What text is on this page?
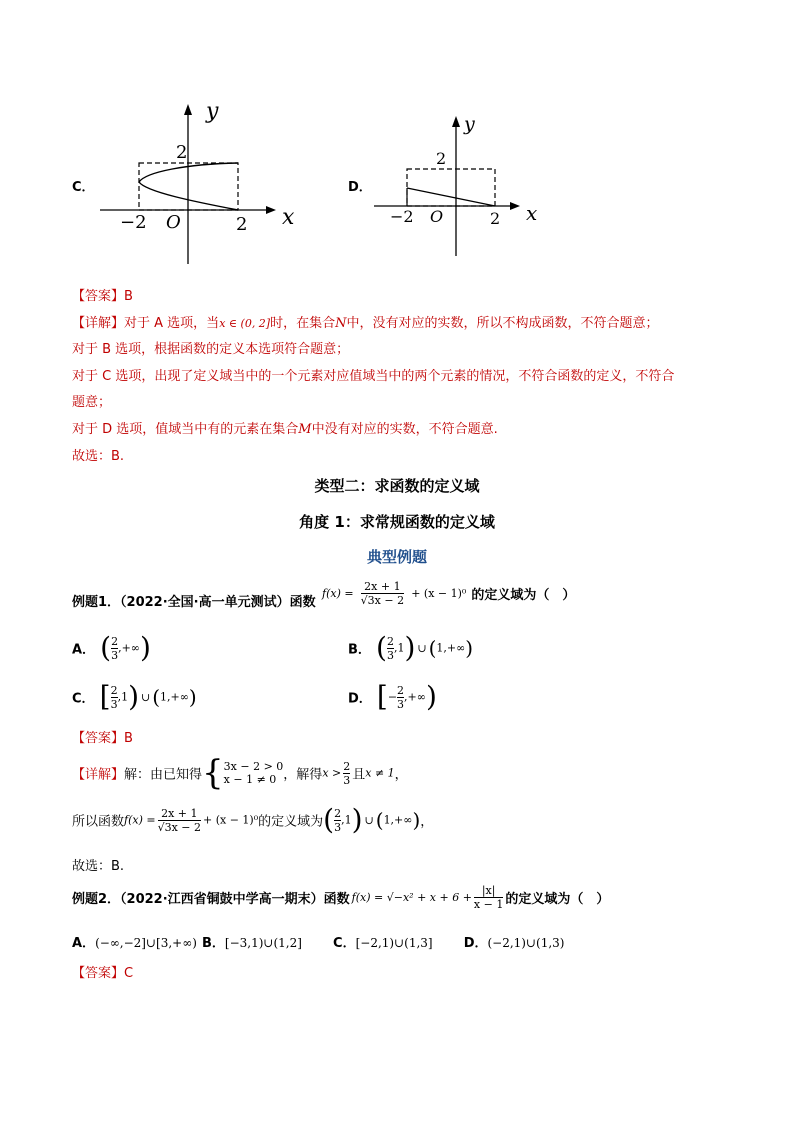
C．
y
x
2
−2 O	2
D．
y
x
2
−2 O	2
【答案】B
【详解】对于 A 选项，当x ∈ (0, 2]时，在集合N中，没有对应的实数，所以不构成函数，不符合题意；
对于 B 选项，根据函数的定义本选项符合题意；
对于 C 选项，出现了定义域当中的一个元素对应值域当中的两个元素的情况，不符合函数的定义，不符合
题意；
对于 D 选项，值域当中有的元素在集合M中没有对应的实数，不符合题意.
故选：B.
类型二：求函数的定义域
角度 1：求常规函数的定义域
典型例题
例题1．（2022·全国·高一单元测试）函数
$f(x) = \frac{2x + 1}{√3x - 2} + (x - 1)^0$ 的定义域为（　）
A． ( $\frac{2}{3}$ ,+∞)	B． ( $\frac{2}{3} ,1$) ∪ (1,+∞)
C． [ $\frac{2}{3} ,1$) ∪ (1,+∞)	D． [− $\frac{2}{3}$ ,+∞)
【答案】B
【详解】解：由已知得{ 3x − 2 > 0
x − 1 ≠ 0 ，解得$x > \frac{2}{3}$ 且x ≠ 1，
所以函数$f(x) = \frac{2x + 1}{√3x - 2} + (x - 1)^0$的定义域为( $\frac{2}{3} ,1$) ∪ (1,+∞)，
故选：B.
例题2．（2022·江西省铜鼓中学高一期末）函数 $f(x) = √-x^2 + x + 6 + \frac{|x|}{x - 1}$ 的定义域为（　）
A．(−∞,−2]∪[3,+∞) B．[−3,1)∪(1,2] C．[−2,1)∪(1,3] D．(−2,1)∪(1,3)
【答案】C
